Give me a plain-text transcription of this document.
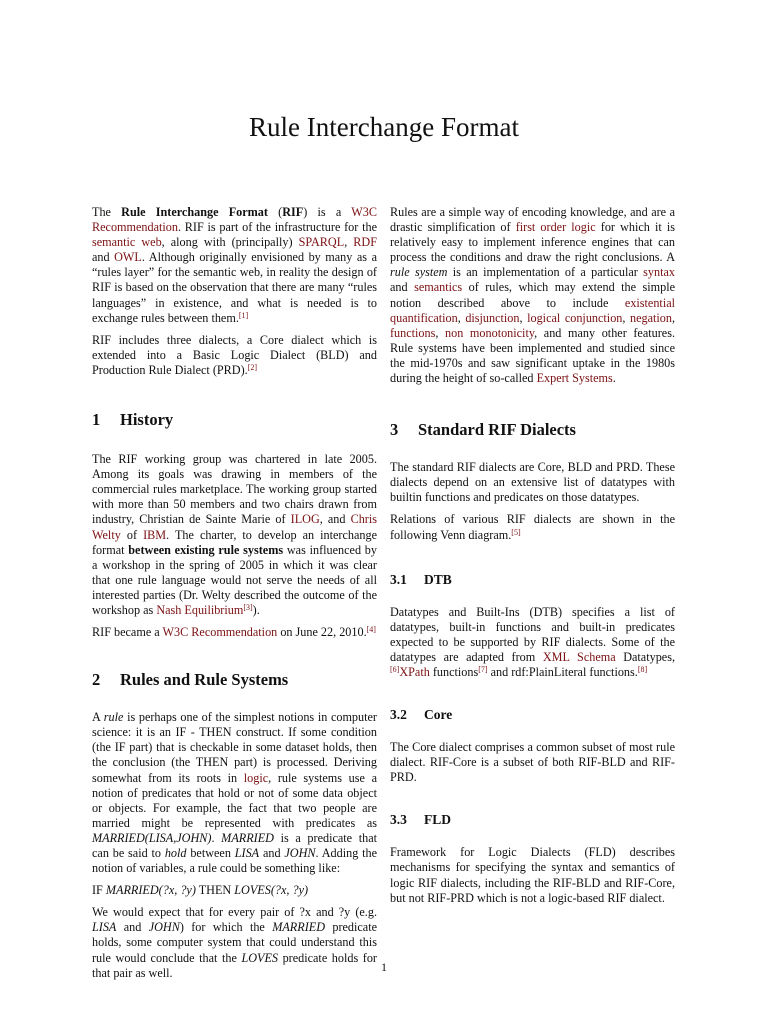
Rule Interchange Format

The Rule Interchange Format (RIF) is a W3C Recommendation. RIF is part of the infrastructure for the semantic web, along with (principally) SPARQL, RDF and OWL. Although originally envisioned by many as a “rules layer” for the semantic web, in reality the design of RIF is based on the observation that there are many “rules languages” in existence, and what is needed is to exchange rules between them.[1]

RIF includes three dialects, a Core dialect which is extended into a Basic Logic Dialect (BLD) and Production Rule Dialect (PRD).[2]

1 History

The RIF working group was chartered in late 2005. Among its goals was drawing in members of the commercial rules marketplace. The working group started with more than 50 members and two chairs drawn from industry, Christian de Sainte Marie of ILOG, and Chris Welty of IBM. The charter, to develop an interchange format between existing rule systems was influenced by a workshop in the spring of 2005 in which it was clear that one rule language would not serve the needs of all interested parties (Dr. Welty described the outcome of the workshop as Nash Equilibrium[3]).

RIF became a W3C Recommendation on June 22, 2010.[4]

2 Rules and Rule Systems

A rule is perhaps one of the simplest notions in computer science: it is an IF - THEN construct. If some condition (the IF part) that is checkable in some dataset holds, then the conclusion (the THEN part) is processed. Deriving somewhat from its roots in logic, rule systems use a notion of predicates that hold or not of some data object or objects. For example, the fact that two people are married might be represented with predicates as MARRIED(LISA,JOHN). MARRIED is a predicate that can be said to hold between LISA and JOHN. Adding the notion of variables, a rule could be something like:

IF MARRIED(?x, ?y) THEN LOVES(?x, ?y)

We would expect that for every pair of ?x and ?y (e.g. LISA and JOHN) for which the MARRIED predicate holds, some computer system that could understand this rule would conclude that the LOVES predicate holds for that pair as well.

Rules are a simple way of encoding knowledge, and are a drastic simplification of first order logic for which it is relatively easy to implement inference engines that can process the conditions and draw the right conclusions. A rule system is an implementation of a particular syntax and semantics of rules, which may extend the simple notion described above to include existential quantification, disjunction, logical conjunction, negation, functions, non monotonicity, and many other features. Rule systems have been implemented and studied since the mid-1970s and saw significant uptake in the 1980s during the height of so-called Expert Systems.

3 Standard RIF Dialects

The standard RIF dialects are Core, BLD and PRD. These dialects depend on an extensive list of datatypes with builtin functions and predicates on those datatypes.

Relations of various RIF dialects are shown in the following Venn diagram.[5]

3.1 DTB

Datatypes and Built-Ins (DTB) specifies a list of datatypes, built-in functions and built-in predicates expected to be supported by RIF dialects. Some of the datatypes are adapted from XML Schema Datatypes,[6]XPath functions[7] and rdf:PlainLiteral functions.[8]

3.2 Core

The Core dialect comprises a common subset of most rule dialect. RIF-Core is a subset of both RIF-BLD and RIF-PRD.

3.3 FLD

Framework for Logic Dialects (FLD) describes mechanisms for specifying the syntax and semantics of logic RIF dialects, including the RIF-BLD and RIF-Core, but not RIF-PRD which is not a logic-based RIF dialect.

1
